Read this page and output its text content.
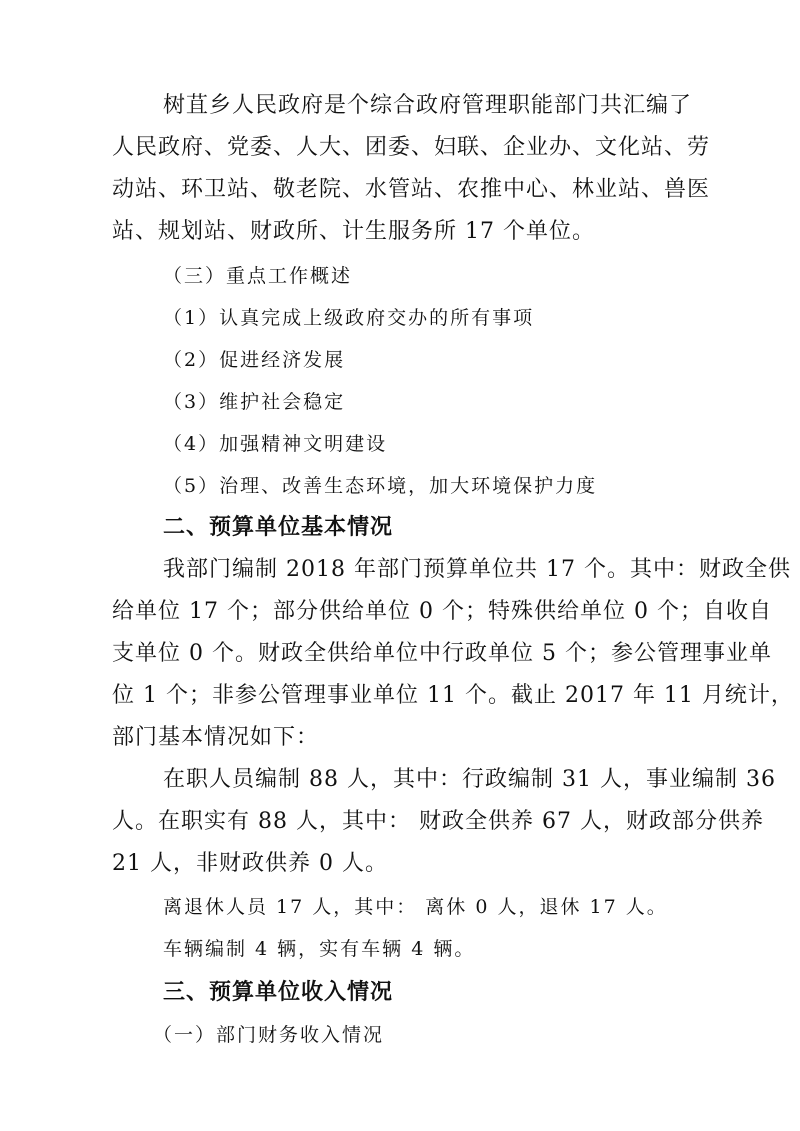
树苴乡人民政府是个综合政府管理职能部门共汇编了
人民政府、党委、人大、团委、妇联、企业办、文化站、劳
动站、环卫站、敬老院、水管站、农推中心、林业站、兽医
站、规划站、财政所、计生服务所 17 个单位。
（三）重点工作概述
（1）认真完成上级政府交办的所有事项
（2）促进经济发展
（3）维护社会稳定
（4）加强精神文明建设
（5）治理、改善生态环境，加大环境保护力度
二、预算单位基本情况
我部门编制 2018 年部门预算单位共 17 个。其中：财政全供
给单位 17 个；部分供给单位 0 个；特殊供给单位 0 个；自收自
支单位 0 个。财政全供给单位中行政单位 5 个；参公管理事业单
位 1 个；非参公管理事业单位 11 个。截止 2017 年 11 月统计，
部门基本情况如下：
在职人员编制 88 人，其中：行政编制 31 人，事业编制 36
人。在职实有 88 人，其中： 财政全供养 67 人，财政部分供养
21 人，非财政供养 0 人。
离退休人员 17 人，其中： 离休 0 人，退休 17 人。
车辆编制 4 辆，实有车辆 4 辆。
三、预算单位收入情况
（一）部门财务收入情况
